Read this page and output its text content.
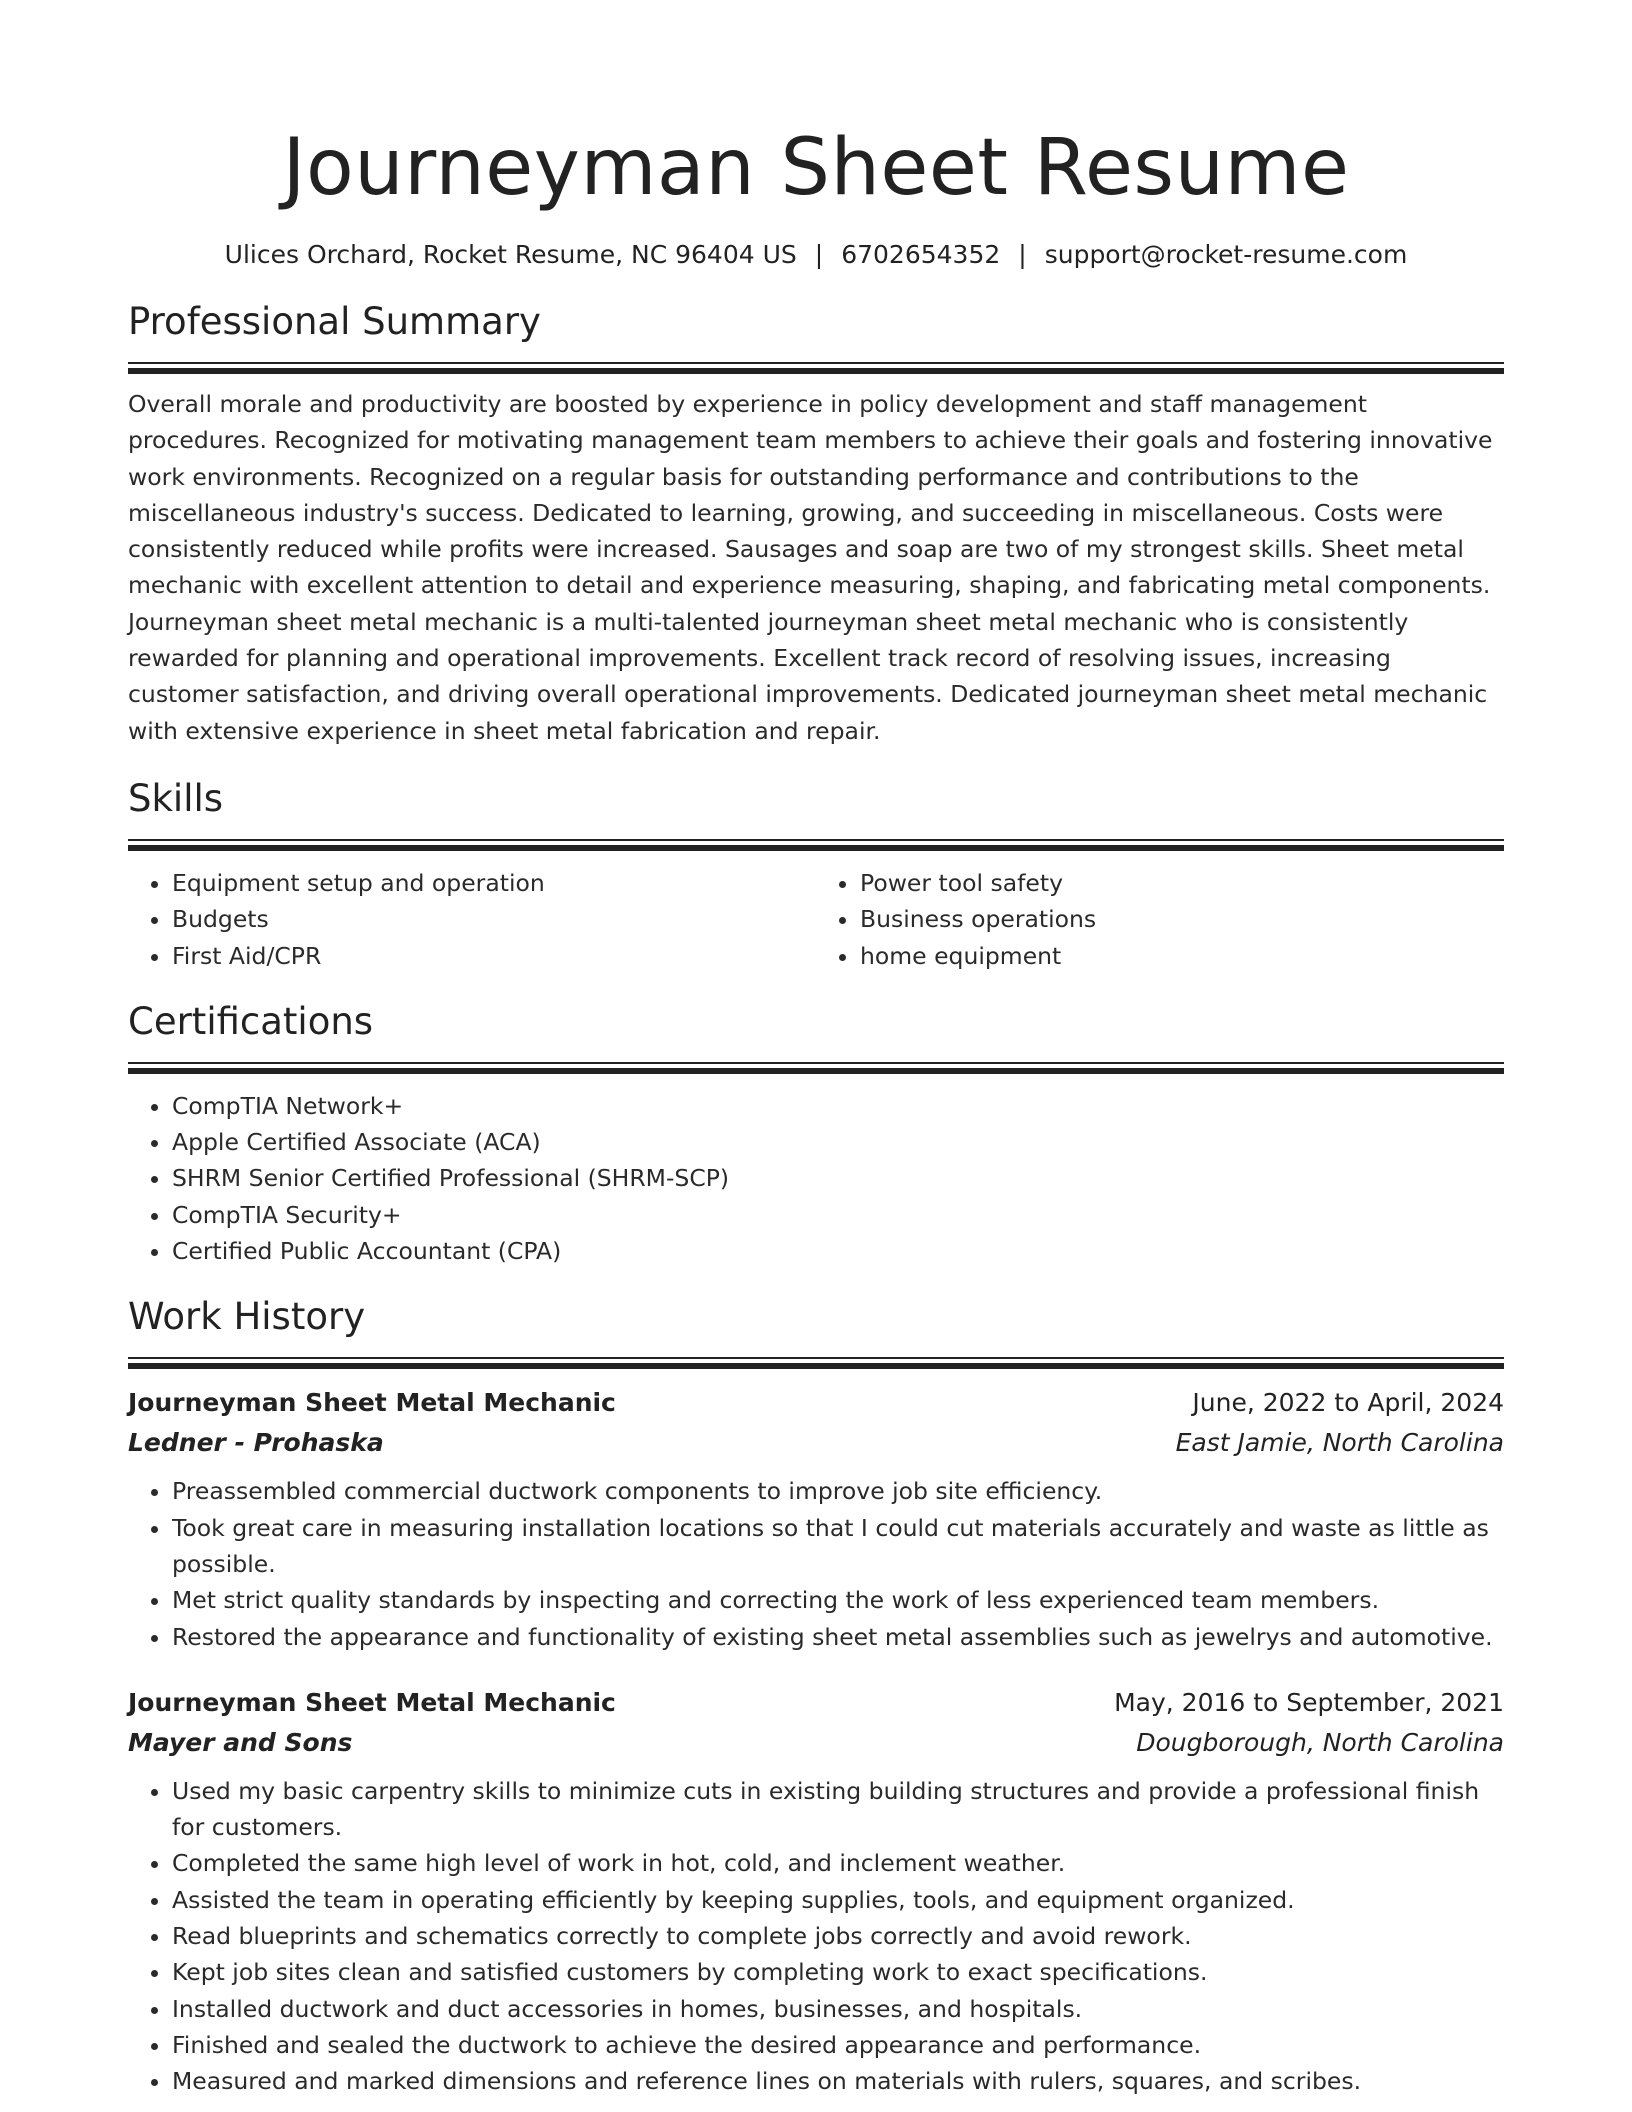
Journeyman Sheet Resume
Ulices Orchard, Rocket Resume, NC 96404 US | 6702654352 | support@rocket-resume.com
Professional Summary

Overall morale and productivity are boosted by experience in policy development and staff management procedures. Recognized for motivating management team members to achieve their goals and fostering innovative work environments. Recognized on a regular basis for outstanding performance and contributions to the miscellaneous industry's success. Dedicated to learning, growing, and succeeding in miscellaneous. Costs were consistently reduced while profits were increased. Sausages and soap are two of my strongest skills. Sheet metal mechanic with excellent attention to detail and experience measuring, shaping, and fabricating metal components. Journeyman sheet metal mechanic is a multi-talented journeyman sheet metal mechanic who is consistently rewarded for planning and operational improvements. Excellent track record of resolving issues, increasing customer satisfaction, and driving overall operational improvements. Dedicated journeyman sheet metal mechanic with extensive experience in sheet metal fabrication and repair.

Skills
• Equipment setup and operation
• Budgets
• First Aid/CPR
• Power tool safety
• Business operations
• home equipment
Certifications
• CompTIA Network+
• Apple Certified Associate (ACA)
• SHRM Senior Certified Professional (SHRM-SCP)
• CompTIA Security+
• Certified Public Accountant (CPA)
Work History
Journeyman Sheet Metal Mechanic	June, 2022 to April, 2024
Ledner - Prohaska	East Jamie, North Carolina
• Preassembled commercial ductwork components to improve job site efficiency.
• Took great care in measuring installation locations so that I could cut materials accurately and waste as little as possible.
• Met strict quality standards by inspecting and correcting the work of less experienced team members.
• Restored the appearance and functionality of existing sheet metal assemblies such as jewelrys and automotive.
Journeyman Sheet Metal Mechanic	May, 2016 to September, 2021
Mayer and Sons	Dougborough, North Carolina
• Used my basic carpentry skills to minimize cuts in existing building structures and provide a professional finish for customers.
• Completed the same high level of work in hot, cold, and inclement weather.
• Assisted the team in operating efficiently by keeping supplies, tools, and equipment organized.
• Read blueprints and schematics correctly to complete jobs correctly and avoid rework.
• Kept job sites clean and satisfied customers by completing work to exact specifications.
• Installed ductwork and duct accessories in homes, businesses, and hospitals.
• Finished and sealed the ductwork to achieve the desired appearance and performance.
• Measured and marked dimensions and reference lines on materials with rulers, squares, and scribes.
